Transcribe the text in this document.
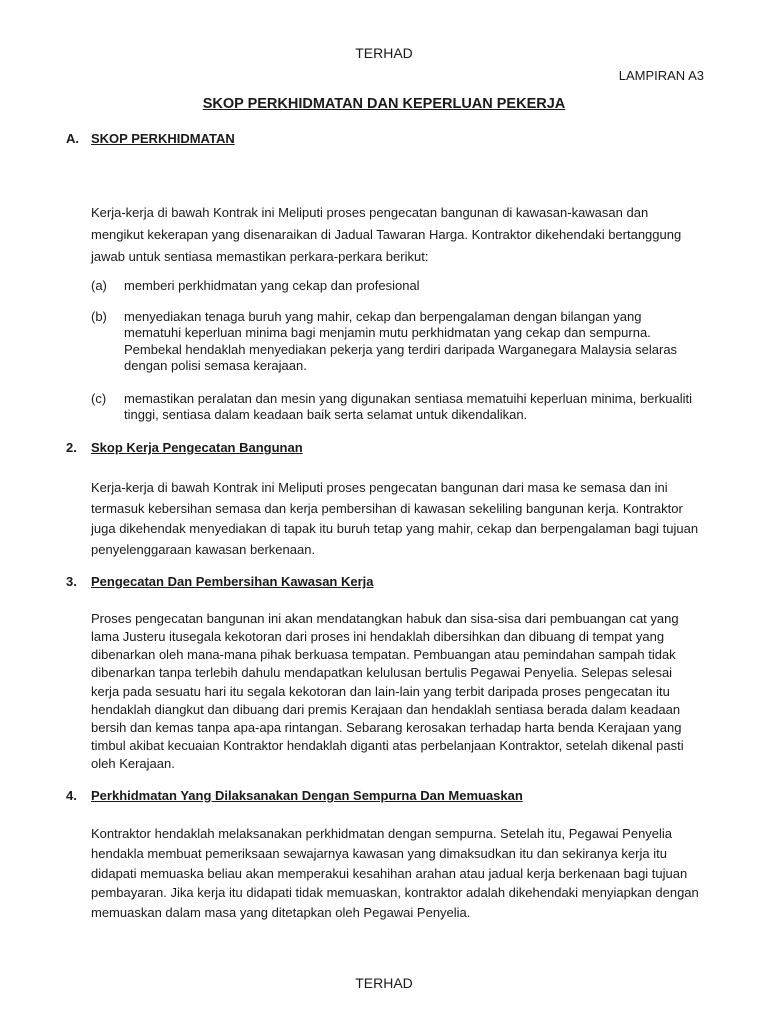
TERHAD
LAMPIRAN A3
SKOP PERKHIDMATAN DAN KEPERLUAN PEKERJA
A. SKOP PERKHIDMATAN
Kerja-kerja di bawah Kontrak ini Meliputi proses pengecatan bangunan di kawasan-kawasan dan
mengikut kekerapan yang disenaraikan di Jadual Tawaran Harga. Kontraktor dikehendaki bertanggung
jawab untuk sentiasa memastikan perkara-perkara berikut:
(a)	memberi perkhidmatan yang cekap dan profesional
(b)	menyediakan tenaga buruh yang mahir, cekap dan berpengalaman dengan bilangan yang
mematuhi keperluan minima bagi menjamin mutu perkhidmatan yang cekap dan sempurna.
Pembekal hendaklah menyediakan pekerja yang terdiri daripada Warganegara Malaysia selaras
dengan polisi semasa kerajaan.
(c)	memastikan peralatan dan mesin yang digunakan sentiasa mematuihi keperluan minima, berkualiti
tinggi, sentiasa dalam keadaan baik serta selamat untuk dikendalikan.
2. Skop Kerja Pengecatan Bangunan
Kerja-kerja di bawah Kontrak ini Meliputi proses pengecatan bangunan dari masa ke semasa dan ini
termasuk kebersihan semasa dan kerja pembersihan di kawasan sekeliling bangunan kerja. Kontraktor
juga dikehendak menyediakan di tapak itu buruh tetap yang mahir, cekap dan berpengalaman bagi tujuan
penyelenggaraan kawasan berkenaan.
3. Pengecatan Dan Pembersihan Kawasan Kerja
Proses pengecatan bangunan ini akan mendatangkan habuk dan sisa-sisa dari pembuangan cat yang
lama Justeru itusegala kekotoran dari proses ini hendaklah dibersihkan dan dibuang di tempat yang
dibenarkan oleh mana-mana pihak berkuasa tempatan. Pembuangan atau pemindahan sampah tidak
dibenarkan tanpa terlebih dahulu mendapatkan kelulusan bertulis Pegawai Penyelia. Selepas selesai
kerja pada sesuatu hari itu segala kekotoran dan lain-lain yang terbit daripada proses pengecatan itu
hendaklah diangkut dan dibuang dari premis Kerajaan dan hendaklah sentiasa berada dalam keadaan
bersih dan kemas tanpa apa-apa rintangan. Sebarang kerosakan terhadap harta benda Kerajaan yang
timbul akibat kecuaian Kontraktor hendaklah diganti atas perbelanjaan Kontraktor, setelah dikenal pasti
oleh Kerajaan.
4. Perkhidmatan Yang Dilaksanakan Dengan Sempurna Dan Memuaskan
Kontraktor hendaklah melaksanakan perkhidmatan dengan sempurna. Setelah itu, Pegawai Penyelia
hendakla membuat pemeriksaan sewajarnya kawasan yang dimaksudkan itu dan sekiranya kerja itu
didapati memuaska beliau akan memperakui kesahihan arahan atau jadual kerja berkenaan bagi tujuan
pembayaran. Jika kerja itu didapati tidak memuaskan, kontraktor adalah dikehendaki menyiapkan dengan
memuaskan dalam masa yang ditetapkan oleh Pegawai Penyelia.
TERHAD
